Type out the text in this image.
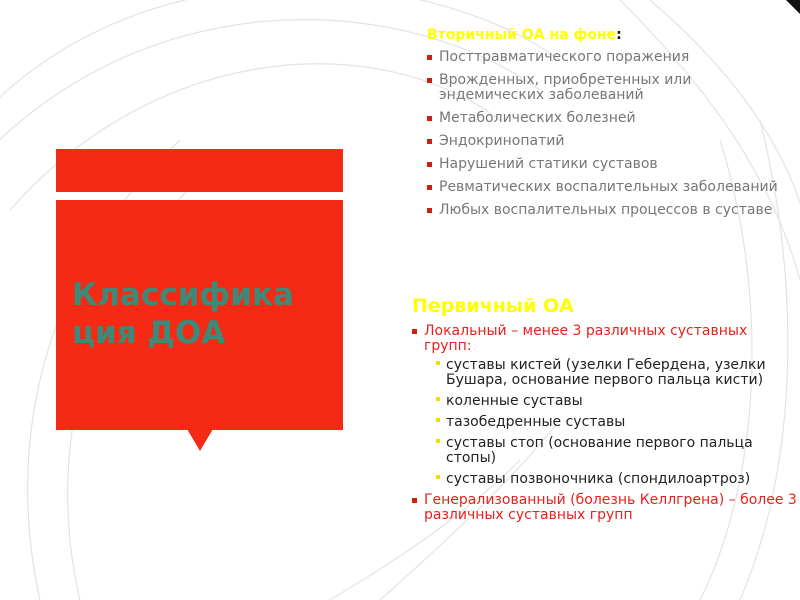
Классифика
ция ДОА

Вторичный ОА на фоне:

Посттравматического поражения
Врожденных, приобретенных или эндемических заболеваний
Метаболических болезней
Эндокринопатий
Нарушений статики суставов
Ревматических воспалительных заболеваний
Любых воспалительных процессов в суставе

Первичный ОА

Локальный – менее 3 различных суставных групп:
суставы кистей (узелки Гебердена, узелки Бушара, основание первого пальца кисти)
коленные суставы
тазобедренные суставы
суставы стоп (основание первого пальца стопы)
суставы позвоночника (спондилоартроз)
Генерализованный (болезнь Келлгрена) – более 3 различных суставных групп
